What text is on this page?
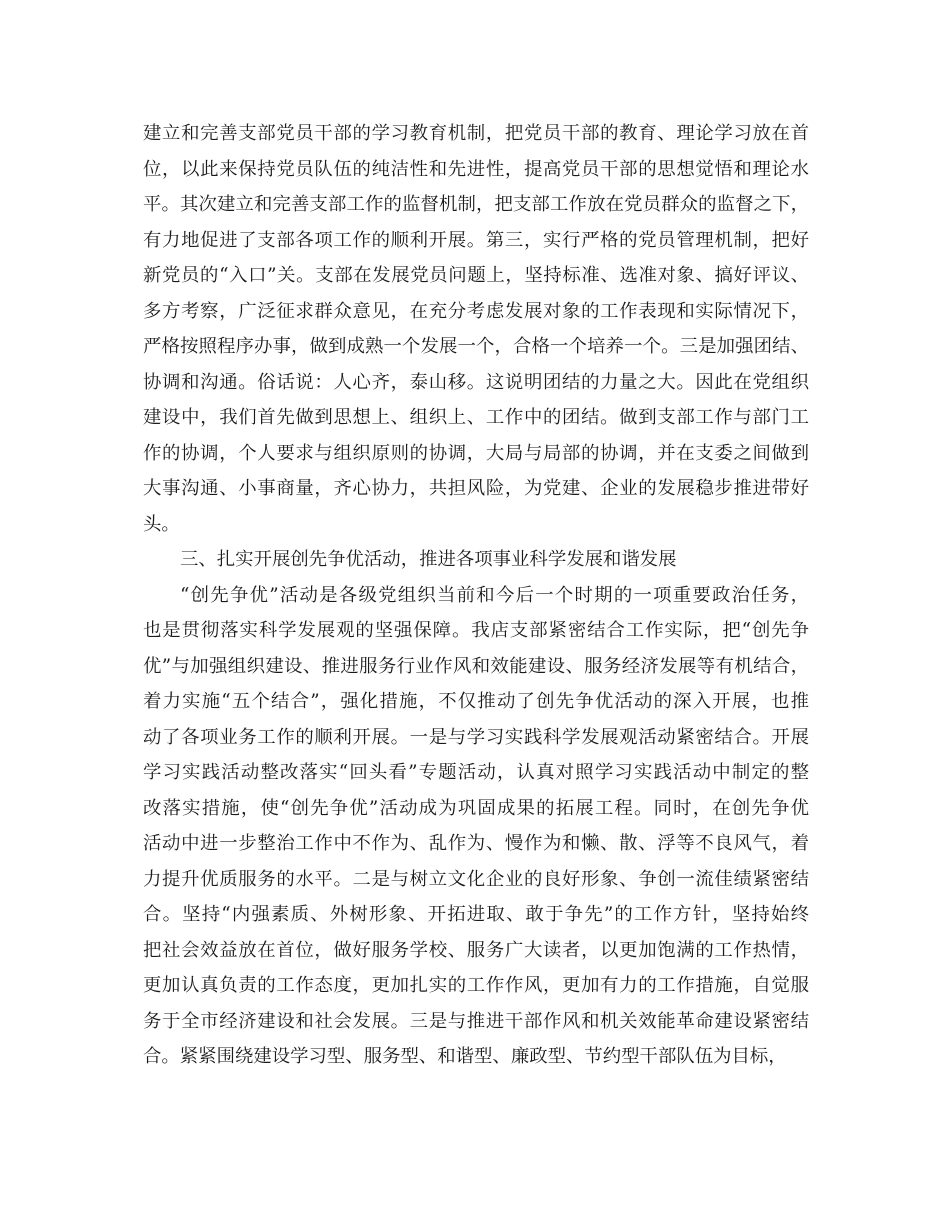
建立和完善支部党员干部的学习教育机制，把党员干部的教育、理论学习放在首
位，以此来保持党员队伍的纯洁性和先进性，提高党员干部的思想觉悟和理论水
平。其次建立和完善支部工作的监督机制，把支部工作放在党员群众的监督之下，
有力地促进了支部各项工作的顺利开展。第三，实行严格的党员管理机制，把好
新党员的“入口”关。支部在发展党员问题上，坚持标准、选准对象、搞好评议、
多方考察，广泛征求群众意见，在充分考虑发展对象的工作表现和实际情况下，
严格按照程序办事，做到成熟一个发展一个，合格一个培养一个。三是加强团结、
协调和沟通。俗话说：人心齐，泰山移。这说明团结的力量之大。因此在党组织
建设中，我们首先做到思想上、组织上、工作中的团结。做到支部工作与部门工
作的协调，个人要求与组织原则的协调，大局与局部的协调，并在支委之间做到
大事沟通、小事商量，齐心协力，共担风险，为党建、企业的发展稳步推进带好
头。
三、扎实开展创先争优活动，推进各项事业科学发展和谐发展
“创先争优”活动是各级党组织当前和今后一个时期的一项重要政治任务，
也是贯彻落实科学发展观的坚强保障。我店支部紧密结合工作实际，把“创先争
优”与加强组织建设、推进服务行业作风和效能建设、服务经济发展等有机结合，
着力实施“五个结合”，强化措施，不仅推动了创先争优活动的深入开展，也推
动了各项业务工作的顺利开展。一是与学习实践科学发展观活动紧密结合。开展
学习实践活动整改落实“回头看”专题活动，认真对照学习实践活动中制定的整
改落实措施，使“创先争优”活动成为巩固成果的拓展工程。同时，在创先争优
活动中进一步整治工作中不作为、乱作为、慢作为和懒、散、浮等不良风气，着
力提升优质服务的水平。二是与树立文化企业的良好形象、争创一流佳绩紧密结
合。坚持“内强素质、外树形象、开拓进取、敢于争先”的工作方针，坚持始终
把社会效益放在首位，做好服务学校、服务广大读者，以更加饱满的工作热情，
更加认真负责的工作态度，更加扎实的工作作风，更加有力的工作措施，自觉服
务于全市经济建设和社会发展。三是与推进干部作风和机关效能革命建设紧密结
合。紧紧围绕建设学习型、服务型、和谐型、廉政型、节约型干部队伍为目标，
